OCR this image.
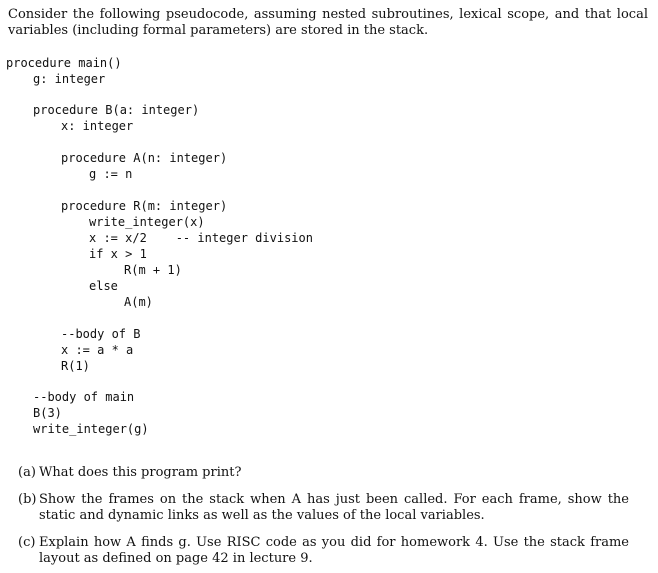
Consider the following pseudocode, assuming nested subroutines, lexical scope, and that local variables (including formal parameters) are stored in the stack.
procedure main()
g: integer
procedure B(a: integer)
x: integer
procedure A(n: integer)
g := n
procedure R(m: integer)
write_integer(x)
x := x/2    -- integer division
if x > 1
R(m + 1)
else
A(m)
--body of B
x := a * a
R(1)
--body of main
B(3)
write_integer(g)
(a) What does this program print?
(b) Show the frames on the stack when A has just been called. For each frame, show the static and dynamic links as well as the values of the local variables.
(c) Explain how A finds g. Use RISC code as you did for homework 4. Use the stack frame layout as defined on page 42 in lecture 9.
